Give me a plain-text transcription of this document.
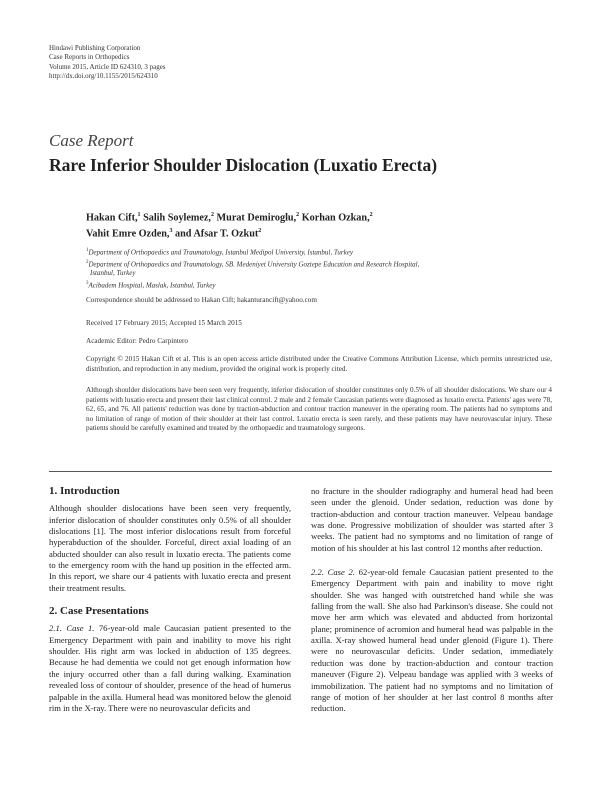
Hindawi Publishing Corporation
Case Reports in Orthopedics
Volume 2015, Article ID 624310, 3 pages
http://dx.doi.org/10.1155/2015/624310
Case Report
Rare Inferior Shoulder Dislocation (Luxatio Erecta)
Hakan Cift,$^1$ Salih Soylemez,$^2$ Murat Demiroglu,$^2$ Korhan Ozkan,$^2$
Vahit Emre Ozden,$^3$ and Afsar T. Ozkut$^2$
$^1$Department of Orthopaedics and Traumatology, Istanbul Medipol University, Istanbul, Turkey
$^2$Department of Orthopaedics and Traumatology, SB. Medeniyet University Goztepe Education and Research Hospital,
Istanbul, Turkey
$^3$Acibadem Hospital, Maslak, Istanbul, Turkey
Correspondence should be addressed to Hakan Cift; hakanturancift@yahoo.com
Received 17 February 2015; Accepted 15 March 2015
Academic Editor: Pedro Carpintero
Copyright © 2015 Hakan Cift et al. This is an open access article distributed under the Creative Commons Attribution License, which permits unrestricted use, distribution, and reproduction in any medium, provided the original work is properly cited.
Although shoulder dislocations have been seen very frequently, inferior dislocation of shoulder constitutes only 0.5% of all shoulder dislocations. We share our 4 patients with luxatio erecta and present their last clinical control. 2 male and 2 female Caucasian patients were diagnosed as luxatio erecta. Patients' ages were 78, 62, 65, and 76. All patients' reduction was done by traction-abduction and contour traction maneuver in the operating room. The patients had no symptoms and no limitation of range of motion of their shoulder at their last control. Luxatio erecta is seen rarely, and these patients may have neurovascular injury. These patients should be carefully examined and treated by the orthopaedic and traumatology surgeons.
1. Introduction

Although shoulder dislocations have been seen very frequently, inferior dislocation of shoulder constitutes only 0.5% of all shoulder dislocations [1]. The most inferior dislocations result from forceful hyperabduction of the shoulder. Forceful, direct axial loading of an abducted shoulder can also result in luxatio erecta. The patients come to the emergency room with the hand up position in the effected arm. In this report, we share our 4 patients with luxatio erecta and present their treatment results.

2. Case Presentations

2.1. Case 1. 76-year-old male Caucasian patient presented to the Emergency Department with pain and inability to move his right shoulder. His right arm was locked in abduction of 135 degrees. Because he had dementia we could not get enough information how the injury occurred other than a fall during walking. Examination revealed loss of contour of shoulder, presence of the head of humerus palpable in the axilla. Humeral head was monitored below the glenoid rim in the X-ray. There were no neurovascular deficits and

no fracture in the shoulder radiography and humeral head had been seen under the glenoid. Under sedation, reduction was done by traction-abduction and contour traction maneuver. Velpeau bandage was done. Progressive mobilization of shoulder was started after 3 weeks. The patient had no symptoms and no limitation of range of motion of his shoulder at his last control 12 months after reduction.

2.2. Case 2. 62-year-old female Caucasian patient presented to the Emergency Department with pain and inability to move right shoulder. She was hanged with outstretched hand while she was falling from the wall. She also had Parkinson's disease. She could not move her arm which was elevated and abducted from horizontal plane; prominence of acromion and humeral head was palpable in the axilla. X-ray showed humeral head under glenoid (Figure 1). There were no neurovascular deficits. Under sedation, immediately reduction was done by traction-abduction and contour traction maneuver (Figure 2). Velpeau bandage was applied with 3 weeks of immobilization. The patient had no symptoms and no limitation of range of motion of her shoulder at her last control 8 months after reduction.
